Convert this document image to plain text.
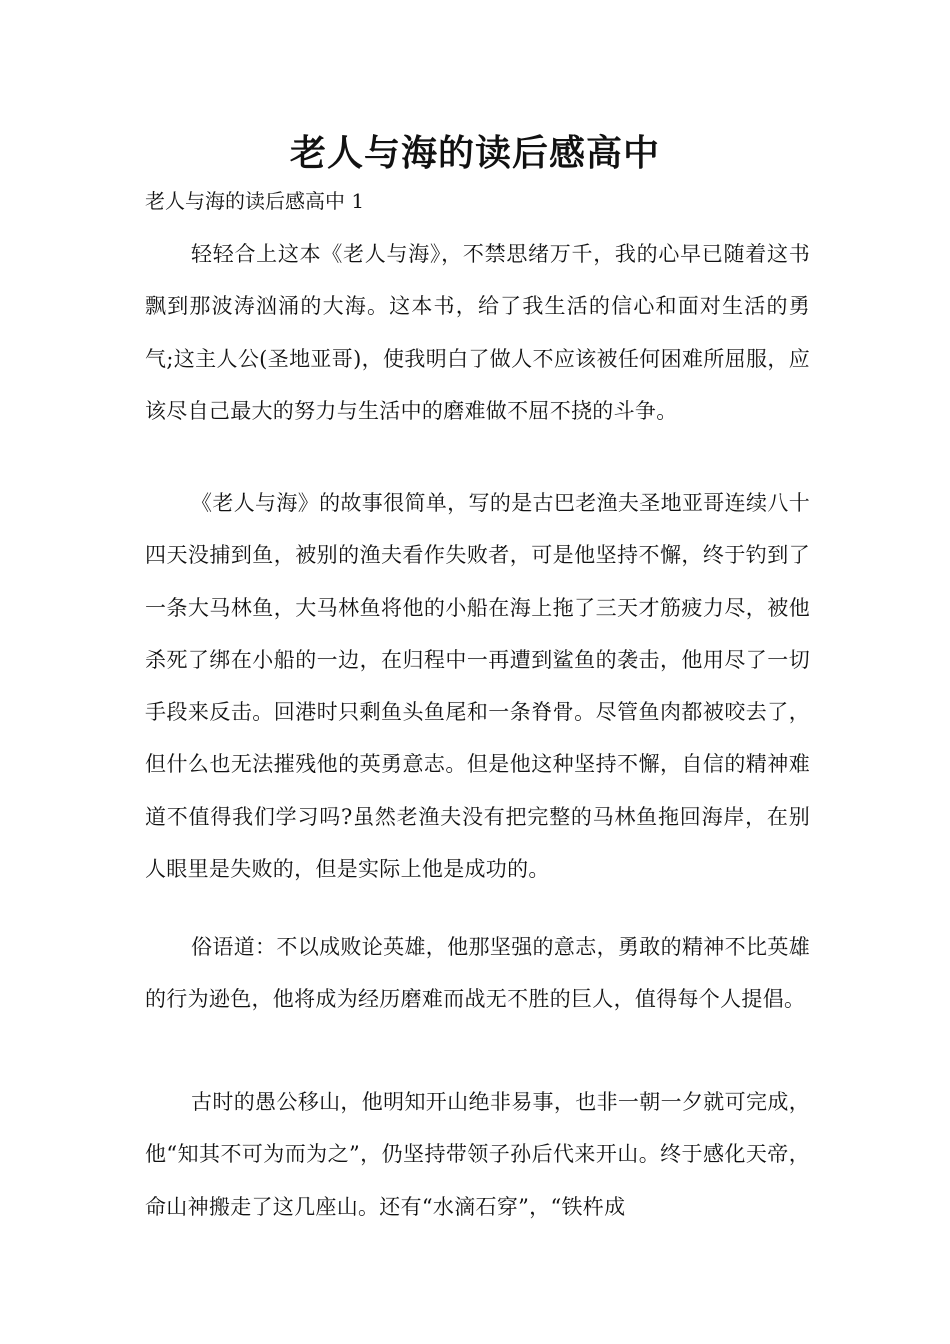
老人与海的读后感高中
老人与海的读后感高中 1

轻轻合上这本《老人与海》，不禁思绪万千，我的心早已随着这书飘到那波涛汹涌的大海。这本书，给了我生活的信心和面对生活的勇气;这主人公(圣地亚哥)，使我明白了做人不应该被任何困难所屈服，应该尽自己最大的努力与生活中的磨难做不屈不挠的斗争。

《老人与海》的故事很简单，写的是古巴老渔夫圣地亚哥连续八十四天没捕到鱼，被别的渔夫看作失败者，可是他坚持不懈，终于钓到了一条大马林鱼，大马林鱼将他的小船在海上拖了三天才筋疲力尽，被他杀死了绑在小船的一边，在归程中一再遭到鲨鱼的袭击，他用尽了一切手段来反击。回港时只剩鱼头鱼尾和一条脊骨。尽管鱼肉都被咬去了，但什么也无法摧残他的英勇意志。但是他这种坚持不懈，自信的精神难道不值得我们学习吗?虽然老渔夫没有把完整的马林鱼拖回海岸，在别人眼里是失败的，但是实际上他是成功的。

俗语道：不以成败论英雄，他那坚强的意志，勇敢的精神不比英雄的行为逊色，他将成为经历磨难而战无不胜的巨人，值得每个人提倡。

古时的愚公移山，他明知开山绝非易事，也非一朝一夕就可完成，他“知其不可为而为之”，仍坚持带领子孙后代来开山。终于感化天帝，命山神搬走了这几座山。还有“水滴石穿”，“铁杵成
